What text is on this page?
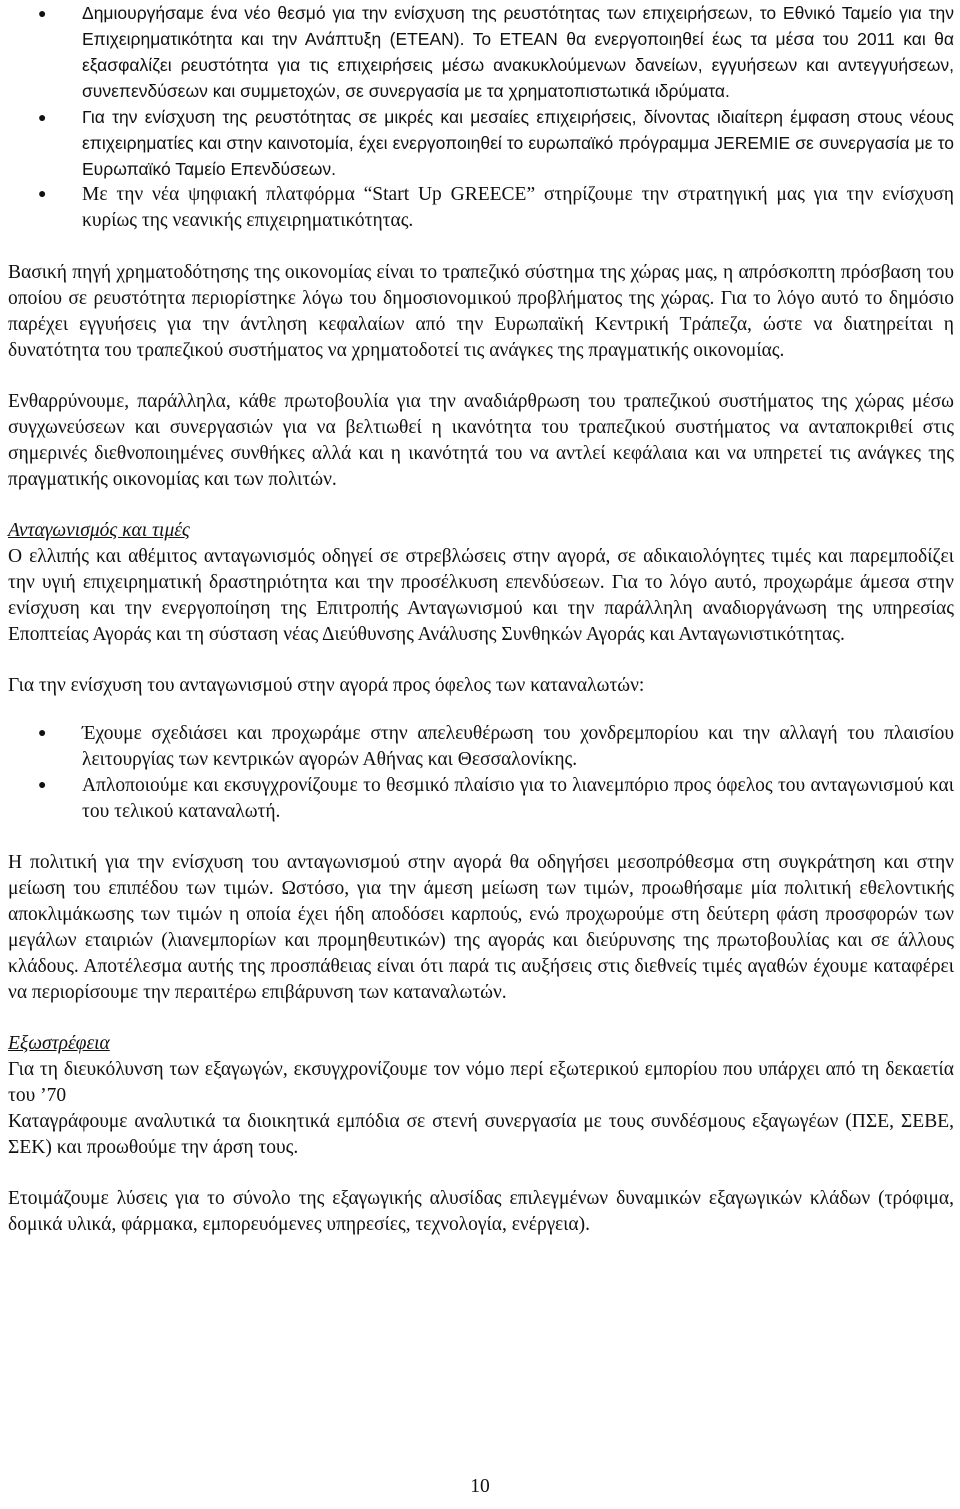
● Δημιουργήσαμε ένα νέο θεσμό για την ενίσχυση της ρευστότητας των επιχειρήσεων, το Εθνικό Ταμείο για την Επιχειρηματικότητα και την Ανάπτυξη (ΕΤΕΑΝ). Το ΕΤΕΑΝ θα ενεργοποιηθεί έως τα μέσα του 2011 και θα εξασφαλίζει ρευστότητα για τις επιχειρήσεις μέσω ανακυκλούμενων δανείων, εγγυήσεων και αντεγγυήσεων, συνεπενδύσεων και συμμετοχών, σε συνεργασία με τα χρηματοπιστωτικά ιδρύματα.
● Για την ενίσχυση της ρευστότητας σε μικρές και μεσαίες επιχειρήσεις, δίνοντας ιδιαίτερη έμφαση στους νέους επιχειρηματίες και στην καινοτομία, έχει ενεργοποιηθεί το ευρωπαϊκό πρόγραμμα JEREMIE σε συνεργασία με το Ευρωπαϊκό Ταμείο Επενδύσεων.
● Με την νέα ψηφιακή πλατφόρμα “Start Up GREECE” στηρίζουμε την στρατηγική μας για την ενίσχυση κυρίως της νεανικής επιχειρηματικότητας.

Βασική πηγή χρηματοδότησης της οικονομίας είναι το τραπεζικό σύστημα της χώρας μας, η απρόσκοπτη πρόσβαση του οποίου σε ρευστότητα περιορίστηκε λόγω του δημοσιονομικού προβλήματος της χώρας. Για το λόγο αυτό το δημόσιο παρέχει εγγυήσεις για την άντληση κεφαλαίων από την Ευρωπαϊκή Κεντρική Τράπεζα, ώστε να διατηρείται η δυνατότητα του τραπεζικού συστήματος να χρηματοδοτεί τις ανάγκες της πραγματικής οικονομίας.

Ενθαρρύνουμε, παράλληλα, κάθε πρωτοβουλία για την αναδιάρθρωση του τραπεζικού συστήματος της χώρας μέσω συγχωνεύσεων και συνεργασιών για να βελτιωθεί η ικανότητα του τραπεζικού συστήματος να ανταποκριθεί στις σημερινές διεθνοποιημένες συνθήκες αλλά και η ικανότητά του να αντλεί κεφάλαια και να υπηρετεί τις ανάγκες της πραγματικής οικονομίας και των πολιτών.

Ανταγωνισμός και τιμές

Ο ελλιπής και αθέμιτος ανταγωνισμός οδηγεί σε στρεβλώσεις στην αγορά, σε αδικαιολόγητες τιμές και παρεμποδίζει την υγιή επιχειρηματική δραστηριότητα και την προσέλκυση επενδύσεων. Για το λόγο αυτό, προχωράμε άμεσα στην ενίσχυση και την ενεργοποίηση της Επιτροπής Ανταγωνισμού και την παράλληλη αναδιοργάνωση της υπηρεσίας Εποπτείας Αγοράς και τη σύσταση νέας Διεύθυνσης Ανάλυσης Συνθηκών Αγοράς και Ανταγωνιστικότητας.

Για την ενίσχυση του ανταγωνισμού στην αγορά προς όφελος των καταναλωτών:

● Έχουμε σχεδιάσει και προχωράμε στην απελευθέρωση του χονδρεμπορίου και την αλλαγή του πλαισίου λειτουργίας των κεντρικών αγορών Αθήνας και Θεσσαλονίκης.
● Απλοποιούμε και εκσυγχρονίζουμε το θεσμικό πλαίσιο για το λιανεμπόριο προς όφελος του ανταγωνισμού και του τελικού καταναλωτή.

Η πολιτική για την ενίσχυση του ανταγωνισμού στην αγορά θα οδηγήσει μεσοπρόθεσμα στη συγκράτηση και στην μείωση του επιπέδου των τιμών. Ωστόσο, για την άμεση μείωση των τιμών, προωθήσαμε μία πολιτική εθελοντικής αποκλιμάκωσης των τιμών η οποία έχει ήδη αποδόσει καρπούς, ενώ προχωρούμε στη δεύτερη φάση προσφορών των μεγάλων εταιριών (λιανεμπορίων και προμηθευτικών) της αγοράς και διεύρυνσης της πρωτοβουλίας και σε άλλους κλάδους. Αποτέλεσμα αυτής της προσπάθειας είναι ότι παρά τις αυξήσεις στις διεθνείς τιμές αγαθών έχουμε καταφέρει να περιορίσουμε την περαιτέρω επιβάρυνση των καταναλωτών.

Εξωστρέφεια

Για τη διευκόλυνση των εξαγωγών, εκσυγχρονίζουμε τον νόμο περί εξωτερικού εμπορίου που υπάρχει από τη δεκαετία του ’70

Καταγράφουμε αναλυτικά τα διοικητικά εμπόδια σε στενή συνεργασία με τους συνδέσμους εξαγωγέων (ΠΣΕ, ΣΕΒΕ, ΣΕΚ) και προωθούμε την άρση τους.

Ετοιμάζουμε λύσεις για το σύνολο της εξαγωγικής αλυσίδας επιλεγμένων δυναμικών εξαγωγικών κλάδων (τρόφιμα, δομικά υλικά, φάρμακα, εμπορευόμενες υπηρεσίες, τεχνολογία, ενέργεια).

10
